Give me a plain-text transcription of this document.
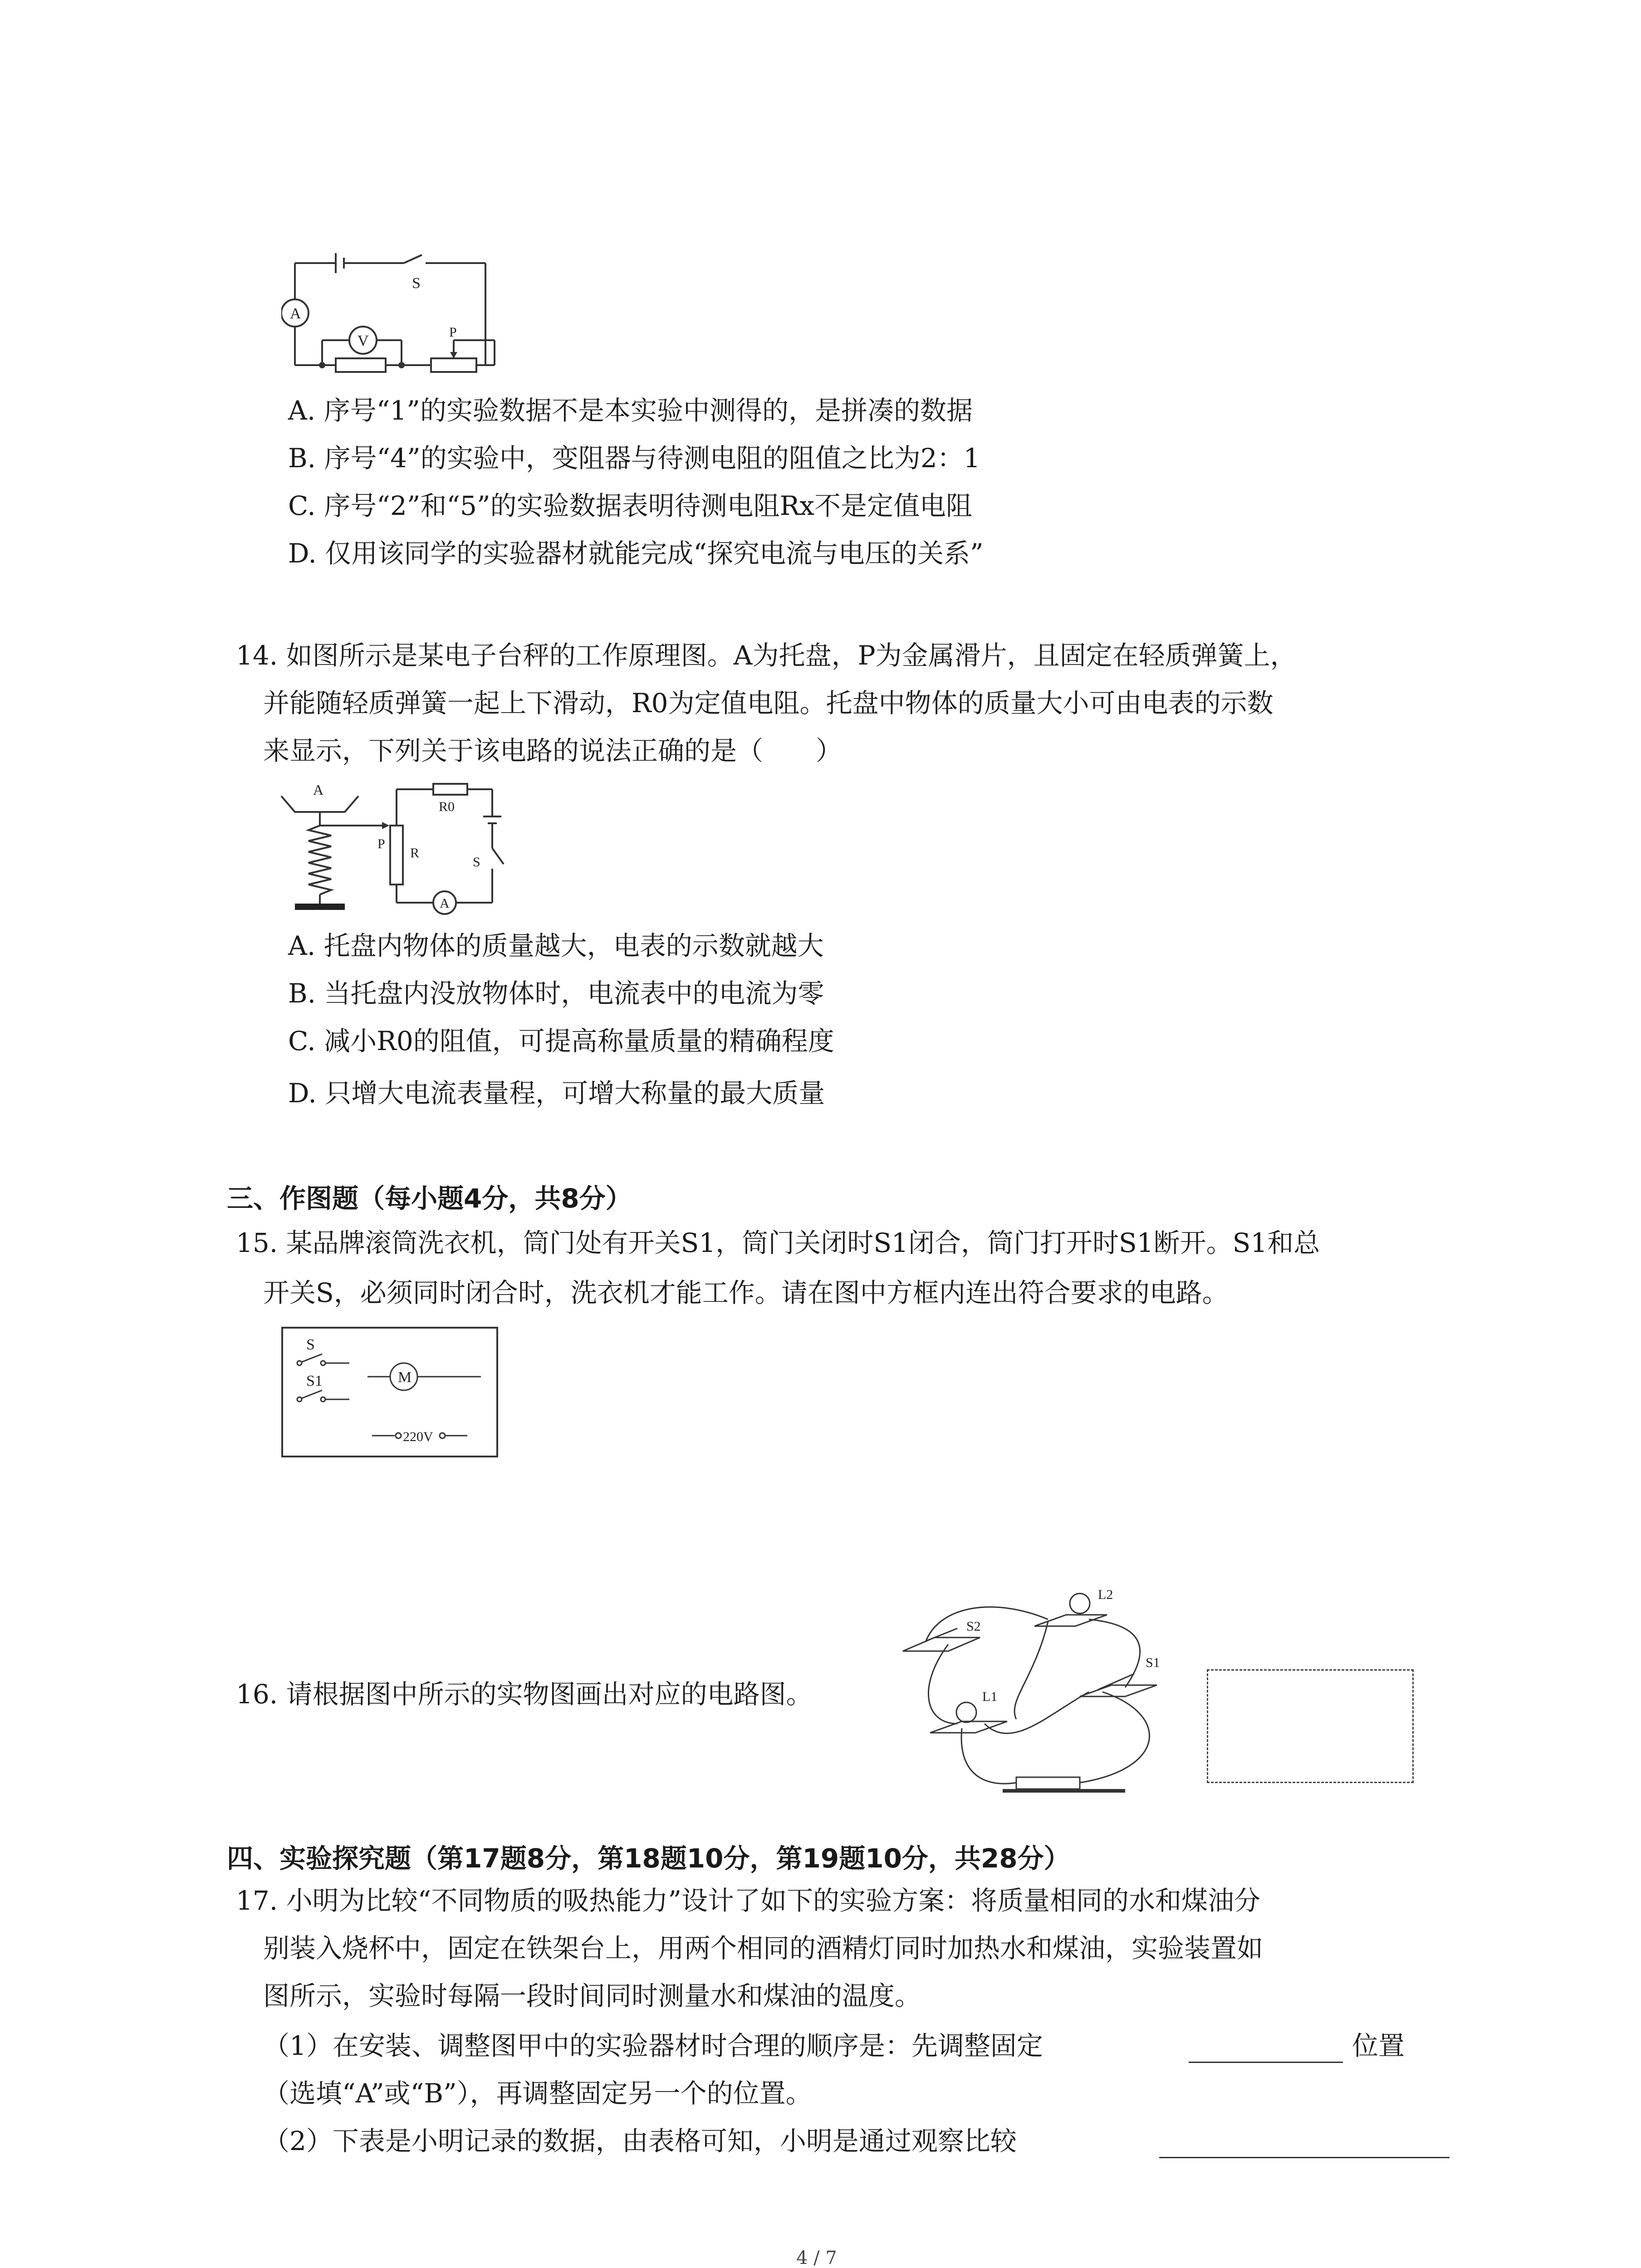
S
A
V
P
A. 序号“1”的实验数据不是本实验中测得的，是拼凑的数据
B. 序号“4”的实验中，变阻器与待测电阻的阻值之比为2：1
C. 序号“2”和“5”的实验数据表明待测电阻Rx不是定值电阻
D. 仅用该同学的实验器材就能完成“探究电流与电压的关系”
14. 如图所示是某电子台秤的工作原理图。A为托盘，P为金属滑片，且固定在轻质弹簧上，
并能随轻质弹簧一起上下滑动，R0为定值电阻。托盘中物体的质量大小可由电表的示数
来显示，下列关于该电路的说法正确的是（　　）
A
R0
P
R
S
A
A. 托盘内物体的质量越大，电表的示数就越大
B. 当托盘内没放物体时，电流表中的电流为零
C. 减小R0的阻值，可提高称量质量的精确程度
D. 只增大电流表量程，可增大称量的最大质量
三、作图题（每小题4分，共8分）
15. 某品牌滚筒洗衣机，筒门处有开关S1，筒门关闭时S1闭合，筒门打开时S1断开。S1和总
开关S，必须同时闭合时，洗衣机才能工作。请在图中方框内连出符合要求的电路。
S
S1	M
220V
16. 请根据图中所示的实物图画出对应的电路图。
L2
S2
S1
L1
四、实验探究题（第17题8分，第18题10分，第19题10分，共28分）
17. 小明为比较“不同物质的吸热能力”设计了如下的实验方案：将质量相同的水和煤油分
别装入烧杯中，固定在铁架台上，用两个相同的酒精灯同时加热水和煤油，实验装置如
图所示，实验时每隔一段时间同时测量水和煤油的温度。
（1）在安装、调整图甲中的实验器材时合理的顺序是：先调整固定	位置
（选填“A”或“B”），再调整固定另一个的位置。
（2）下表是小明记录的数据，由表格可知，小明是通过观察比较
4 / 7
